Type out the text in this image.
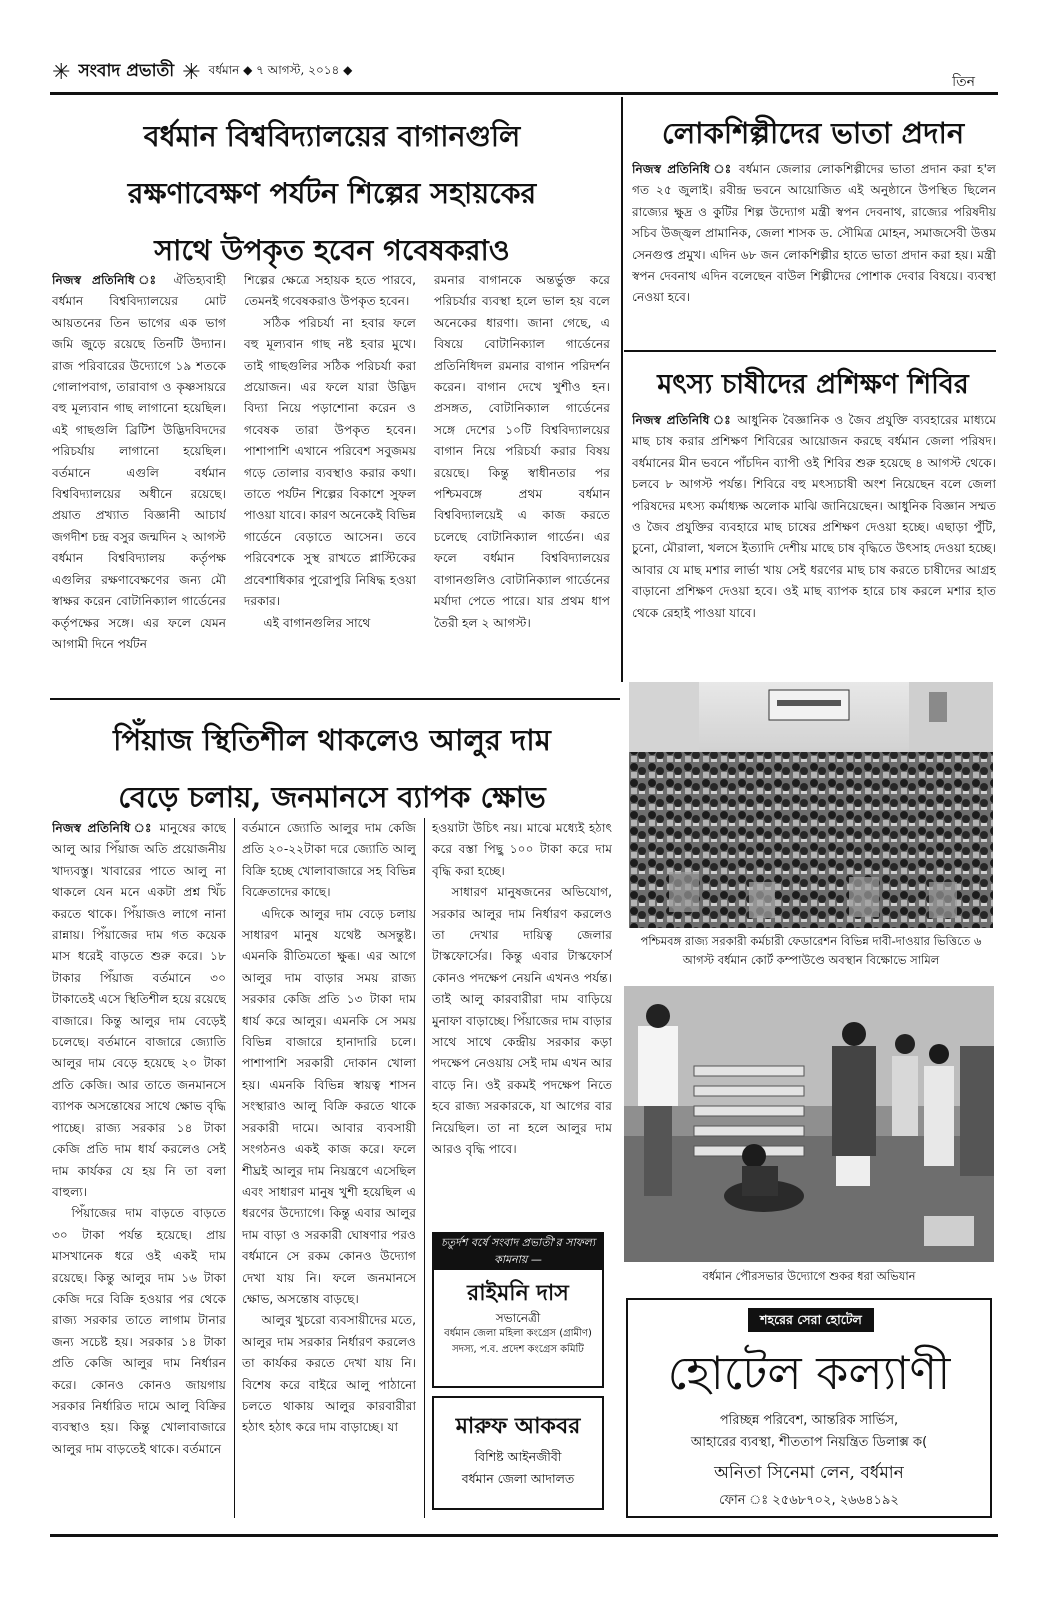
✳ সংবাদ প্রভাতী ✳ বর্ধমান ◆ ৭ আগস্ট, ২০১৪ ◆
তিন
বর্ধমান বিশ্ববিদ্যালয়ের বাগানগুলি
রক্ষণাবেক্ষণ পর্যটন শিল্পের সহায়কের
সাথে উপকৃত হবেন গবেষকরাও
নিজস্ব প্রতিনিধি ঃ ঐতিহ্যবাহী বর্ধমান বিশ্ববিদ্যালয়ের মোট আয়তনের তিন ভাগের এক ভাগ জমি জুড়ে রয়েছে তিনটি উদ্যান। রাজ পরিবারের উদ্যোগে ১৯ শতকে গোলাপবাগ, তারাবাগ ও কৃষ্ণসায়রে বহু মূল্যবান গাছ লাগানো হয়েছিল। এই গাছগুলি ব্রিটিশ উদ্ভিদবিদদের পরিচর্যায় লাগানো হয়েছিল। বর্তমানে এগুলি বর্ধমান বিশ্ববিদ্যালয়ের অধীনে রয়েছে। প্রয়াত প্রখ্যাত বিজ্ঞানী আচার্য জগদীশ চন্দ্র বসুর জন্মদিন ২ আগস্ট বর্ধমান বিশ্ববিদ্যালয় কর্তৃপক্ষ এগুলির রক্ষণাবেক্ষণের জন্য মৌ স্বাক্ষর করেন বোটানিক্যাল গার্ডেনের কর্তৃপক্ষের সঙ্গে। এর ফলে যেমন আগামী দিনে পর্যটন
শিল্পের ক্ষেত্রে সহায়ক হতে পারবে, তেমনই গবেষকরাও উপকৃত হবেন।
সঠিক পরিচর্যা না হবার ফলে বহু মূল্যবান গাছ নষ্ট হবার মুখে। তাই গাছগুলির সঠিক পরিচর্যা করা প্রয়োজন। এর ফলে যারা উদ্ভিদ বিদ্যা নিয়ে পড়াশোনা করেন ও গবেষক তারা উপকৃত হবেন। পাশাপাশি এখানে পরিবেশ সবুজময় গড়ে তোলার ব্যবস্থাও করার কথা। তাতে পর্যটন শিল্পের বিকাশে সুফল পাওয়া যাবে। কারণ অনেকেই বিভিন্ন গার্ডেনে বেড়াতে আসেন। তবে পরিবেশকে সুস্থ রাখতে প্লাস্টিকের প্রবেশাধিকার পুরোপুরি নিষিদ্ধ হওয়া দরকার।
এই বাগানগুলির সাথে
রমনার বাগানকে অন্তর্ভুক্ত করে পরিচর্যার ব্যবস্থা হলে ভাল হয় বলে অনেকের ধারণা। জানা গেছে, এ বিষয়ে বোটানিক্যাল গার্ডেনের প্রতিনিধিদল রমনার বাগান পরিদর্শন করেন। বাগান দেখে খুশীও হন। প্রসঙ্গত, বোটানিক্যাল গার্ডেনের সঙ্গে দেশের ১০টি বিশ্ববিদ্যালয়ের বাগান নিয়ে পরিচর্যা করার বিষয় রয়েছে। কিন্তু স্বাধীনতার পর পশ্চিমবঙ্গে প্রথম বর্ধমান বিশ্ববিদ্যালয়েই এ কাজ করতে চলেছে বোটানিক্যাল গার্ডেন। এর ফলে বর্ধমান বিশ্ববিদ্যালয়ের বাগানগুলিও বোটানিক্যাল গার্ডেনের মর্যাদা পেতে পারে। যার প্রথম ধাপ তৈরী হল ২ আগস্ট।
লোকশিল্পীদের ভাতা প্রদান
নিজস্ব প্রতিনিধি ঃ বর্ধমান জেলার লোকশিল্পীদের ভাতা প্রদান করা হ'ল গত ২৫ জুলাই। রবীন্দ্র ভবনে আয়োজিত এই অনুষ্ঠানে উপস্থিত ছিলেন রাজ্যের ক্ষুদ্র ও কুটির শিল্প উদ্যোগ মন্ত্রী স্বপন দেবনাথ, রাজ্যের পরিষদীয় সচিব উজ্জ্বল প্রামানিক, জেলা শাসক ড. সৌমিত্র মোহন, সমাজসেবী উত্তম সেনগুপ্ত প্রমুখ। এদিন ৬৮ জন লোকশিল্পীর হাতে ভাতা প্রদান করা হয়। মন্ত্রী স্বপন দেবনাথ এদিন বলেছেন বাউল শিল্পীদের পোশাক দেবার বিষয়ে। ব্যবস্থা নেওয়া হবে।
মৎস্য চাষীদের প্রশিক্ষণ শিবির
নিজস্ব প্রতিনিধি ঃ আধুনিক বৈজ্ঞানিক ও জৈব প্রযুক্তি ব্যবহারের মাধ্যমে মাছ চাষ করার প্রশিক্ষণ শিবিরের আয়োজন করছে বর্ধমান জেলা পরিষদ। বর্ধমানের মীন ভবনে পাঁচদিন ব্যাপী ওই শিবির শুরু হয়েছে ৪ আগস্ট থেকে। চলবে ৮ আগস্ট পর্যন্ত। শিবিরে বহু মৎস্যচাষী অংশ নিয়েছেন বলে জেলা পরিষদের মৎস্য কর্মাধ্যক্ষ অলোক মাঝি জানিয়েছেন। আধুনিক বিজ্ঞান সম্মত ও জৈব প্রযুক্তির ব্যবহারে মাছ চাষের প্রশিক্ষণ দেওয়া হচ্ছে। এছাড়া পুঁটি, চুনো, মৌরালা, খলসে ইত্যাদি দেশীয় মাছে চাষ বৃদ্ধিতে উৎসাহ দেওয়া হচ্ছে। আবার যে মাছ মশার লার্ভা খায় সেই ধরণের মাছ চাষ করতে চাষীদের আগ্রহ বাড়ানো প্রশিক্ষণ দেওয়া হবে। ওই মাছ ব্যাপক হারে চাষ করলে মশার হাত থেকে রেহাই পাওয়া যাবে।
পিঁয়াজ স্থিতিশীল থাকলেও আলুর দাম
বেড়ে চলায়, জনমানসে ব্যাপক ক্ষোভ
নিজস্ব প্রতিনিধি ঃ মানুষের কাছে আলু আর পিঁয়াজ অতি প্রয়োজনীয় খাদ্যবস্তু। খাবারের পাতে আলু না থাকলে যেন মনে একটা প্রশ্ন খিঁচ করতে থাকে। পিঁয়াজও লাগে নানা রান্নায়। পিঁয়াজের দাম গত কয়েক মাস ধরেই বাড়তে শুরু করে। ১৮ টাকার পিঁয়াজ বর্তমানে ৩০ টাকাতেই এসে স্থিতিশীল হয়ে রয়েছে বাজারে। কিন্তু আলুর দাম বেড়েই চলেছে। বর্তমানে বাজারে জ্যোতি আলুর দাম বেড়ে হয়েছে ২০ টাকা প্রতি কেজি। আর তাতে জনমানসে ব্যাপক অসন্তোষের সাথে ক্ষোভ বৃদ্ধি পাচ্ছে। রাজ্য সরকার ১৪ টাকা কেজি প্রতি দাম ধার্য করলেও সেই দাম কার্যকর যে হয় নি তা বলা বাহুল্য।
পিঁয়াজের দাম বাড়তে বাড়তে ৩০ টাকা পর্যন্ত হয়েছে। প্রায় মাসখানেক ধরে ওই একই দাম রয়েছে। কিন্তু আলুর দাম ১৬ টাকা কেজি দরে বিক্রি হওয়ার পর থেকে রাজ্য সরকার তাতে লাগাম টানার জন্য সচেষ্ট হয়। সরকার ১৪ টাকা প্রতি কেজি আলুর দাম নির্ধারন করে। কোনও কোনও জায়গায় সরকার নির্ধারিত দামে আলু বিক্রির ব্যবস্থাও হয়। কিন্তু খোলাবাজারে আলুর দাম বাড়তেই থাকে। বর্তমানে
বর্তমানে জ্যোতি আলুর দাম কেজি প্রতি ২০-২২টাকা দরে জ্যোতি আলু বিক্রি হচ্ছে খোলাবাজারে সহ বিভিন্ন বিক্রেতাদের কাছে।
এদিকে আলুর দাম বেড়ে চলায় সাধারণ মানুষ যথেষ্ট অসন্তুষ্ট। এমনকি রীতিমতো ক্ষুব্ধ। এর আগে আলুর দাম বাড়ার সময় রাজ্য সরকার কেজি প্রতি ১৩ টাকা দাম ধার্য করে আলুর। এমনকি সে সময় বিভিন্ন বাজারে হানাদারি চলে। পাশাপাশি সরকারী দোকান খোলা হয়। এমনকি বিভিন্ন স্বায়ত্ব শাসন সংস্থারাও আলু বিক্রি করতে থাকে সরকারী দামে। আবার ব্যবসায়ী সংগঠনও একই কাজ করে। ফলে শীঘ্রই আলুর দাম নিয়ন্ত্রণে এসেছিল এবং সাধারণ মানুষ খুশী হয়েছিল এ ধরণের উদ্যোগে। কিন্তু এবার আলুর দাম বাড়া ও সরকারী ঘোষণার পরও বর্ধমানে সে রকম কোনও উদ্যোগ দেখা যায় নি। ফলে জনমানসে ক্ষোভ, অসন্তোষ বাড়ছে।
আলুর খুচরো ব্যবসায়ীদের মতে, আলুর দাম সরকার নির্ধারণ করলেও তা কার্যকর করতে দেখা যায় নি। বিশেষ করে বাইরে আলু পাঠানো চলতে থাকায় আলুর কারবারীরা হঠাৎ হঠাৎ করে দাম বাড়াচ্ছে। যা
হওয়াটা উচিৎ নয়। মাঝে মধ্যেই হঠাৎ করে বস্তা পিছু ১০০ টাকা করে দাম বৃদ্ধি করা হচ্ছে।
সাধারণ মানুষজনের অভিযোগ, সরকার আলুর দাম নির্ধারণ করলেও তা দেখার দায়িত্ব জেলার টাস্কফোর্সের। কিন্তু এবার টাস্কফোর্স কোনও পদক্ষেপ নেয়নি এখনও পর্যন্ত। তাই আলু কারবারীরা দাম বাড়িয়ে মুনাফা বাড়াচ্ছে। পিঁয়াজের দাম বাড়ার সাথে সাথে কেন্দ্রীয় সরকার কড়া পদক্ষেপ নেওয়ায় সেই দাম এখন আর বাড়ে নি। ওই রকমই পদক্ষেপ নিতে হবে রাজ্য সরকারকে, যা আগের বার নিয়েছিল। তা না হলে আলুর দাম আরও বৃদ্ধি পাবে।
চতুর্দশ বর্ষে সংবাদ প্রভাতী'র সাফল্য কামনায় —
রাইমনি দাস
সভানেত্রী
বর্ধমান জেলা মহিলা কংগ্রেস (গ্রামীণ)
সদস্য, প.ব. প্রদেশ কংগ্রেস কমিটি
মারুফ আকবর
বিশিষ্ট আইনজীবী
বর্ধমান জেলা আদালত
পশ্চিমবঙ্গ রাজ্য সরকারী কর্মচারী ফেডারেশন বিভিন্ন দাবী-দাওয়ার ভিত্তিতে ৬ আগস্ট বর্ধমান কোর্ট কম্পাউণ্ডে অবস্থান বিক্ষোভে সামিল
বর্ধমান পৌরসভার উদ্যোগে শুকর ধরা অভিযান
শহরের সেরা হোটেল
হোটেল কল্যাণী
পরিচ্ছন্ন পরিবেশ, আন্তরিক সার্ভিস,
আহারের ব্যবস্থা, শীততাপ নিয়ন্ত্রিত ডিলাক্স ক(
অনিতা সিনেমা লেন, বর্ধমান
ফোন ঃ ২৫৬৮৭০২, ২৬৬৪১৯২
